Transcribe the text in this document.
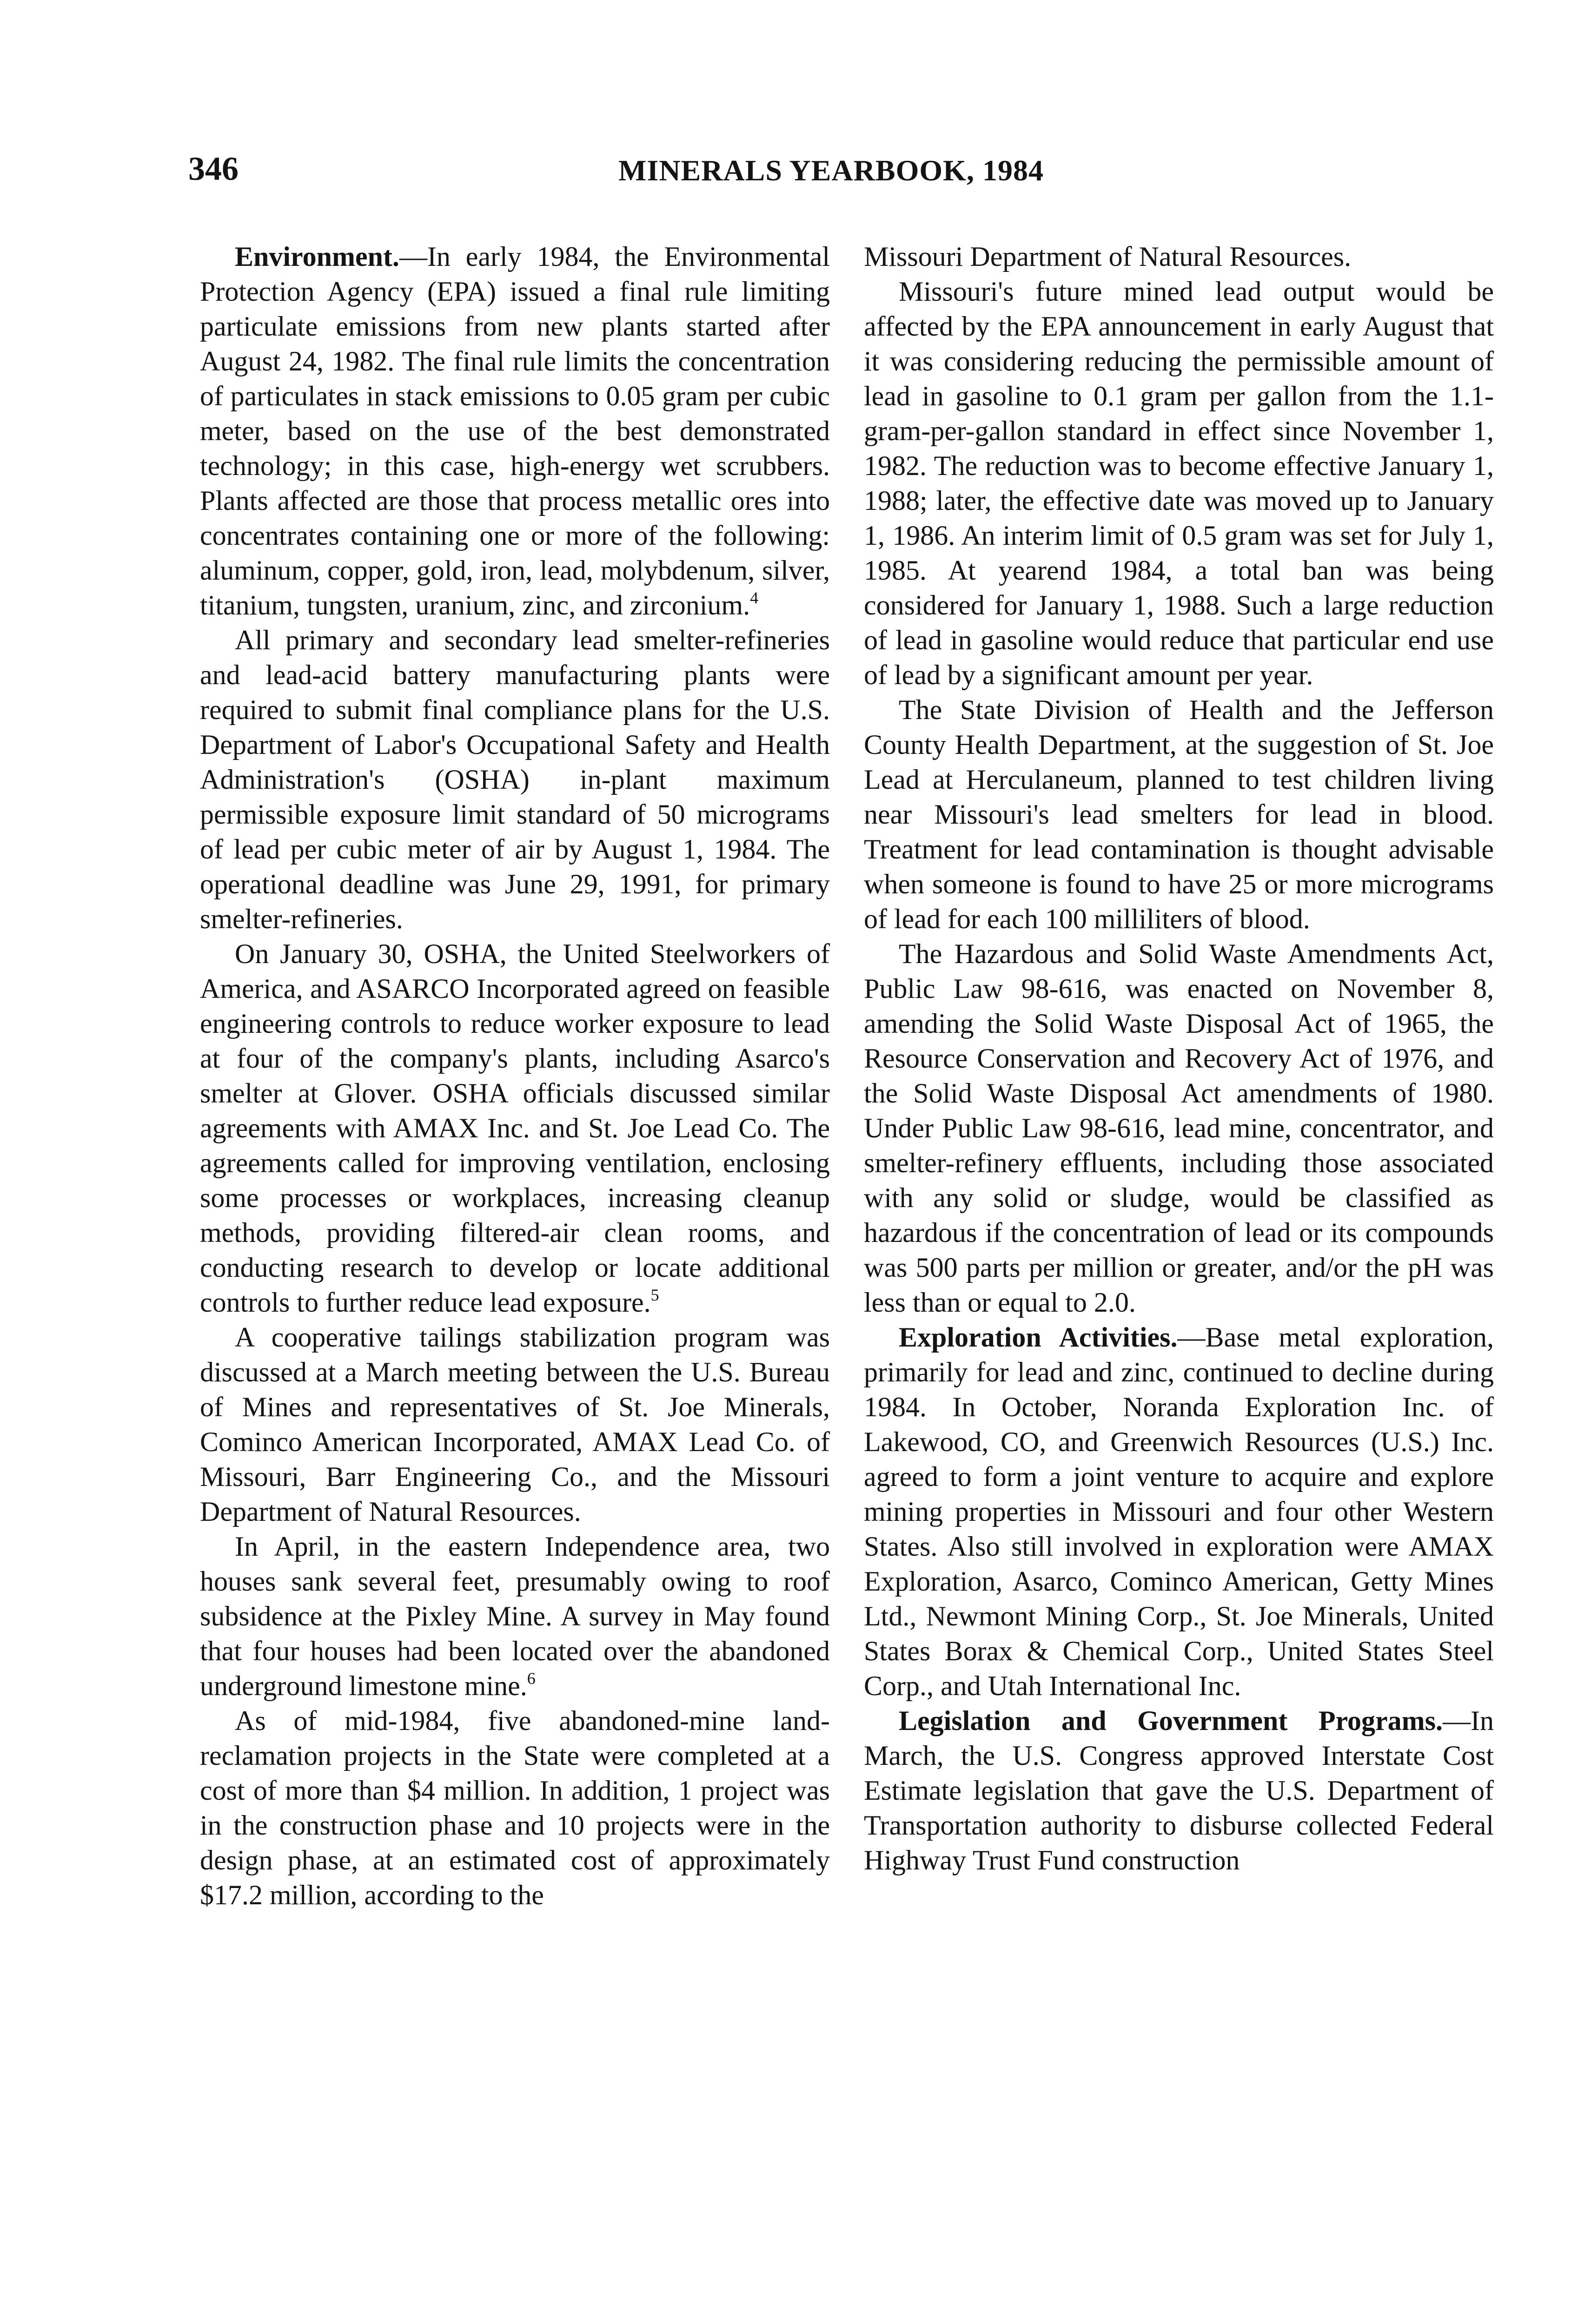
346	MINERALS YEARBOOK, 1984

Environment.—In early 1984, the Environmental Protection Agency (EPA) issued a final rule limiting particulate emissions from new plants started after August 24, 1982. The final rule limits the concentration of particulates in stack emissions to 0.05 gram per cubic meter, based on the use of the best demonstrated technology; in this case, high-energy wet scrubbers. Plants affected are those that process metallic ores into concentrates containing one or more of the following: aluminum, copper, gold, iron, lead, molybdenum, silver, titanium, tungsten, uranium, zinc, and zirconium.$^4$

All primary and secondary lead smelter-refineries and lead-acid battery manufacturing plants were required to submit final compliance plans for the U.S. Department of Labor's Occupational Safety and Health Administration's (OSHA) in-plant maximum permissible exposure limit standard of 50 micrograms of lead per cubic meter of air by August 1, 1984. The operational deadline was June 29, 1991, for primary smelter-refineries.

On January 30, OSHA, the United Steelworkers of America, and ASARCO Incorporated agreed on feasible engineering controls to reduce worker exposure to lead at four of the company's plants, including Asarco's smelter at Glover. OSHA officials discussed similar agreements with AMAX Inc. and St. Joe Lead Co. The agreements called for improving ventilation, enclosing some processes or workplaces, increasing cleanup methods, providing filtered-air clean rooms, and conducting research to develop or locate additional controls to further reduce lead exposure.$^5$

A cooperative tailings stabilization program was discussed at a March meeting between the U.S. Bureau of Mines and representatives of St. Joe Minerals, Cominco American Incorporated, AMAX Lead Co. of Missouri, Barr Engineering Co., and the Missouri Department of Natural Resources.

In April, in the eastern Independence area, two houses sank several feet, presumably owing to roof subsidence at the Pixley Mine. A survey in May found that four houses had been located over the abandoned underground limestone mine.$^6$

As of mid-1984, five abandoned-mine land-reclamation projects in the State were completed at a cost of more than $4 million. In addition, 1 project was in the construction phase and 10 projects were in the design phase, at an estimated cost of approximately $17.2 million, according to the

Missouri Department of Natural Resources.

Missouri's future mined lead output would be affected by the EPA announcement in early August that it was considering reducing the permissible amount of lead in gasoline to 0.1 gram per gallon from the 1.1-gram-per-gallon standard in effect since November 1, 1982. The reduction was to become effective January 1, 1988; later, the effective date was moved up to January 1, 1986. An interim limit of 0.5 gram was set for July 1, 1985. At yearend 1984, a total ban was being considered for January 1, 1988. Such a large reduction of lead in gasoline would reduce that particular end use of lead by a significant amount per year.

The State Division of Health and the Jefferson County Health Department, at the suggestion of St. Joe Lead at Herculaneum, planned to test children living near Missouri's lead smelters for lead in blood. Treatment for lead contamination is thought advisable when someone is found to have 25 or more micrograms of lead for each 100 milliliters of blood.

The Hazardous and Solid Waste Amendments Act, Public Law 98-616, was enacted on November 8, amending the Solid Waste Disposal Act of 1965, the Resource Conservation and Recovery Act of 1976, and the Solid Waste Disposal Act amendments of 1980. Under Public Law 98-616, lead mine, concentrator, and smelter-refinery effluents, including those associated with any solid or sludge, would be classified as hazardous if the concentration of lead or its compounds was 500 parts per million or greater, and/or the pH was less than or equal to 2.0.

Exploration Activities.—Base metal exploration, primarily for lead and zinc, continued to decline during 1984. In October, Noranda Exploration Inc. of Lakewood, CO, and Greenwich Resources (U.S.) Inc. agreed to form a joint venture to acquire and explore mining properties in Missouri and four other Western States. Also still involved in exploration were AMAX Exploration, Asarco, Cominco American, Getty Mines Ltd., Newmont Mining Corp., St. Joe Minerals, United States Borax & Chemical Corp., United States Steel Corp., and Utah International Inc.

Legislation and Government Programs.—In March, the U.S. Congress approved Interstate Cost Estimate legislation that gave the U.S. Department of Transportation authority to disburse collected Federal Highway Trust Fund construction
